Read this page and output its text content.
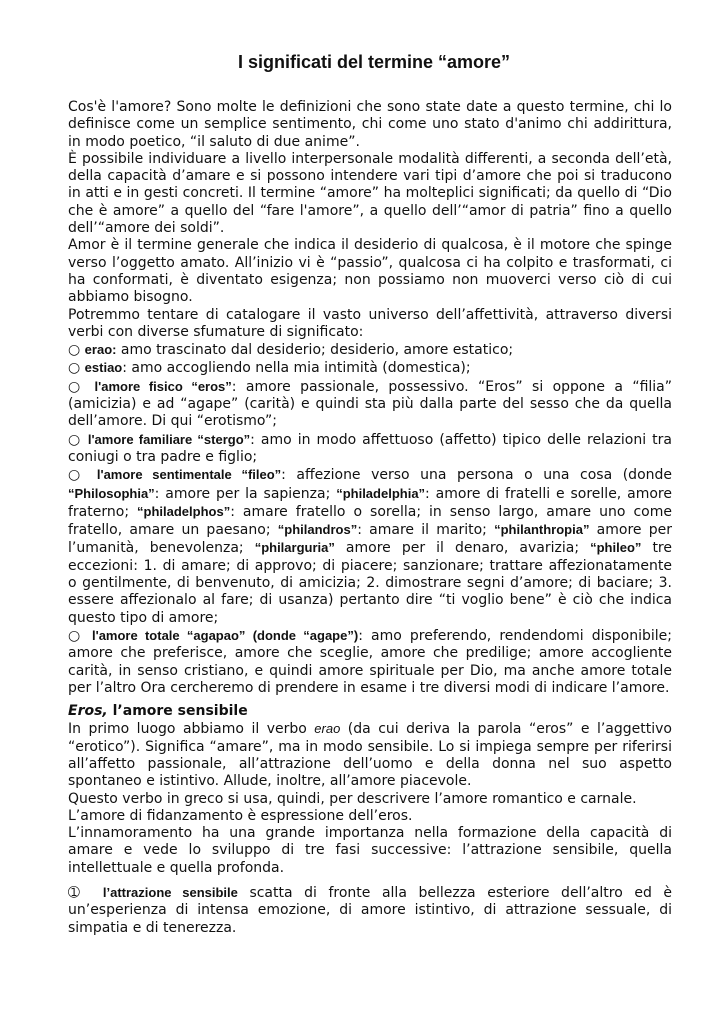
I significati del termine “amore”

Cos'è l'amore? Sono molte le definizioni che sono state date a questo termine, chi lo definisce come un semplice sentimento, chi come uno stato d'animo chi addirittura, in modo poetico, “il saluto di due anime”.

È possibile individuare a livello interpersonale modalità differenti, a seconda dell’età, della capacità d’amare e si possono intendere vari tipi d’amore che poi si traducono in atti e in gesti concreti. Il termine “amore” ha molteplici significati; da quello di “Dio che è amore” a quello del “fare l'amore”, a quello dell’“amor di patria” fino a quello dell’“amore dei soldi”.

Amor è il termine generale che indica il desiderio di qualcosa, è il motore che spinge verso l’oggetto amato. All’inizio vi è “passio”, qualcosa ci ha colpito e trasformati, ci ha conformati, è diventato esigenza; non possiamo non muoverci verso ciò di cui abbiamo bisogno.

Potremmo tentare di catalogare il vasto universo dell’affettività, attraverso diversi verbi con diverse sfumature di significato:

○ erao: amo trascinato dal desiderio; desiderio, amore estatico;

○ estiao: amo accogliendo nella mia intimità (domestica);

○ l'amore fisico “eros”: amore passionale, possessivo. “Eros” si oppone a “filia” (amicizia) e ad “agape” (carità) e quindi sta più dalla parte del sesso che da quella dell’amore. Di qui “erotismo”;

○ l'amore familiare “stergo”: amo in modo affettuoso (affetto) tipico delle relazioni tra coniugi o tra padre e figlio;

○ l'amore sentimentale “fileo”: affezione verso una persona o una cosa (donde “Philosophia”: amore per la sapienza; “philadelphia”: amore di fratelli e sorelle, amore fraterno; “philadelphos”: amare fratello o sorella; in senso largo, amare uno come fratello, amare un paesano; “philandros”: amare il marito; “philanthropia” amore per l’umanità, benevolenza; “philarguria” amore per il denaro, avarizia; “phileo” tre eccezioni: 1. di amare; di approvo; di piacere; sanzionare; trattare affezionatamente o gentilmente, di benvenuto, di amicizia; 2. dimostrare segni d’amore; di baciare; 3. essere affezionalo al fare; di usanza) pertanto dire “ti voglio bene” è ciò che indica questo tipo di amore;

○ l'amore totale “agapao” (donde “agape”): amo preferendo, rendendomi disponibile; amore che preferisce, amore che sceglie, amore che predilige; amore accogliente carità, in senso cristiano, e quindi amore spirituale per Dio, ma anche amore totale per l’altro Ora cercheremo di prendere in esame i tre diversi modi di indicare l’amore.

Eros, l’amore sensibile

In primo luogo abbiamo il verbo erao (da cui deriva la parola “eros” e l’aggettivo “erotico”). Significa “amare”, ma in modo sensibile. Lo si impiega sempre per riferirsi all’affetto passionale, all’attrazione dell’uomo e della donna nel suo aspetto spontaneo e istintivo. Allude, inoltre, all’amore piacevole.

Questo verbo in greco si usa, quindi, per descrivere l’amore romantico e carnale.

L’amore di fidanzamento è espressione dell’eros.

L’innamoramento ha una grande importanza nella formazione della capacità di amare e vede lo sviluppo di tre fasi successive: l’attrazione sensibile, quella intellettuale e quella profonda.

➀ l’attrazione sensibile scatta di fronte alla bellezza esteriore dell’altro ed è un’esperienza di intensa emozione, di amore istintivo, di attrazione sessuale, di simpatia e di tenerezza.
